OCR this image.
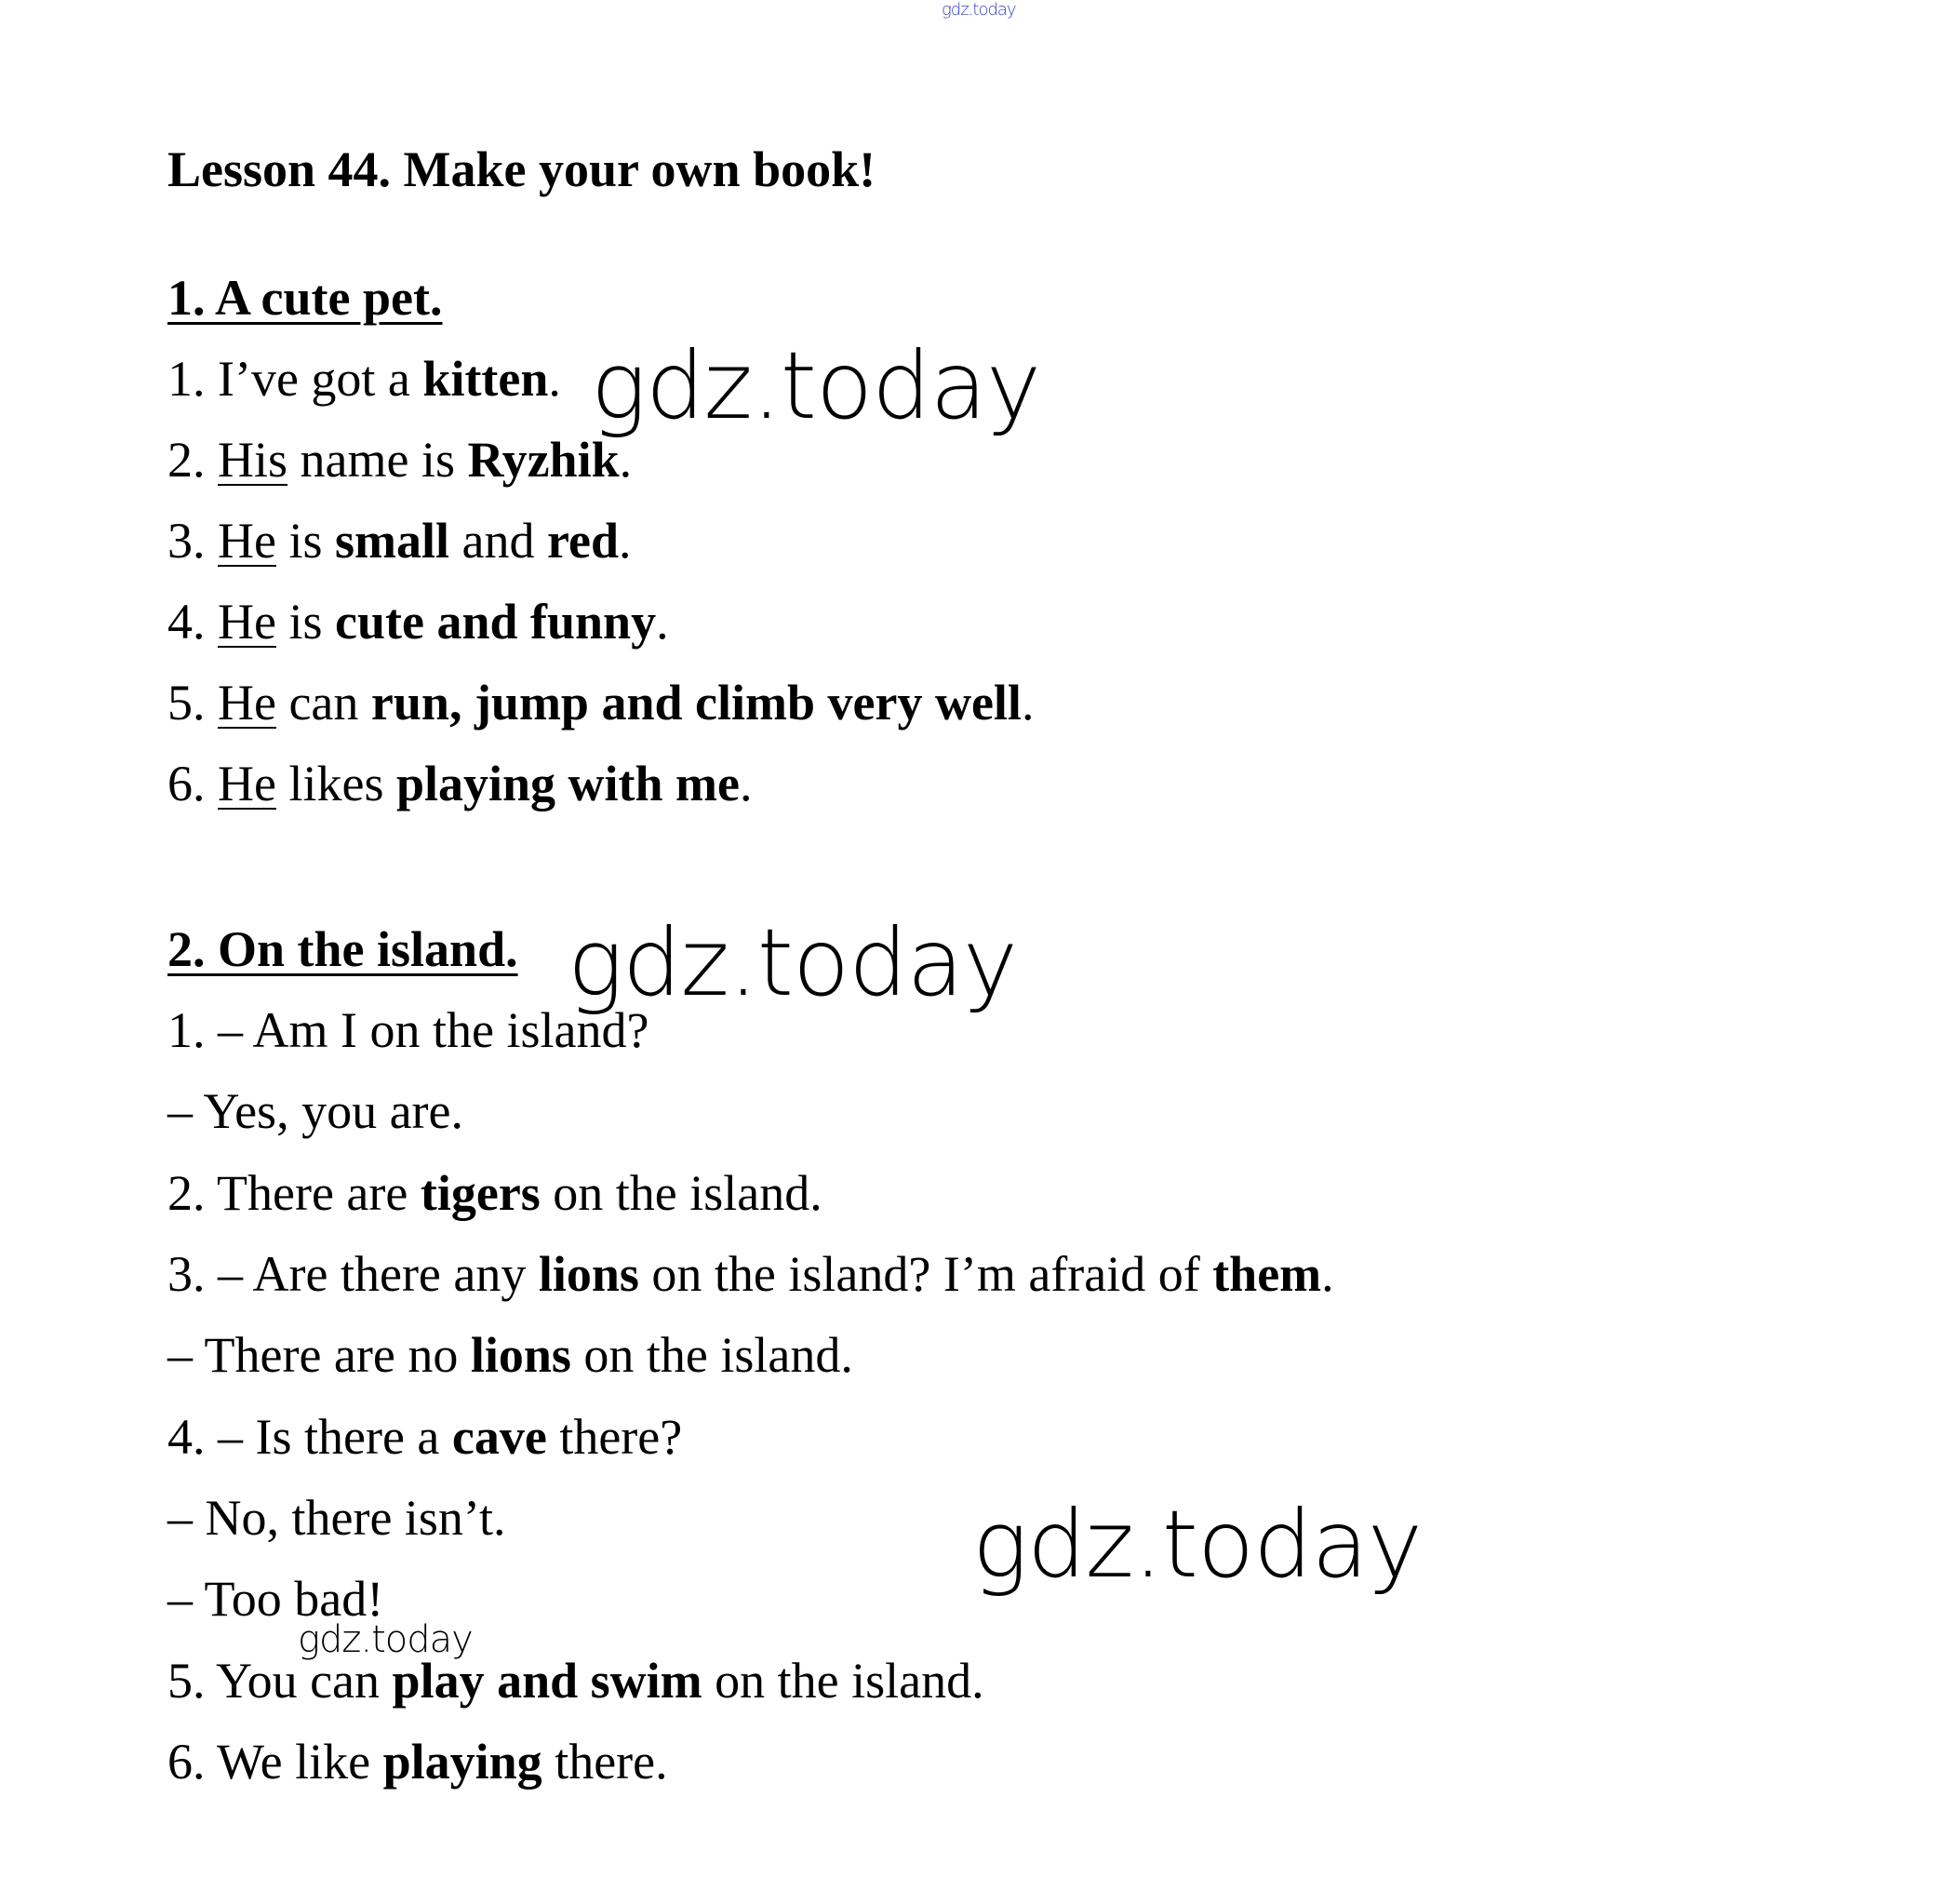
gdz.today
Lesson 44. Make your own book!
1. A cute pet.

1. I’ve got a kitten.

2. His name is Ryzhik.

3. He is small and red.

4. He is cute and funny.

5. He can run, jump and climb very well.

6. He likes playing with me.

2. On the island.

1. – Am I on the island?

– Yes, you are.

2. There are tigers on the island.

3. – Are there any lions on the island? I’m afraid of them.

– There are no lions on the island.

4. – Is there a cave there?

– No, there isn’t.

– Too bad!

5. You can play and swim on the island.

6. We like playing there.

gdz.today
gdz.today
gdz.today
gdz.today
